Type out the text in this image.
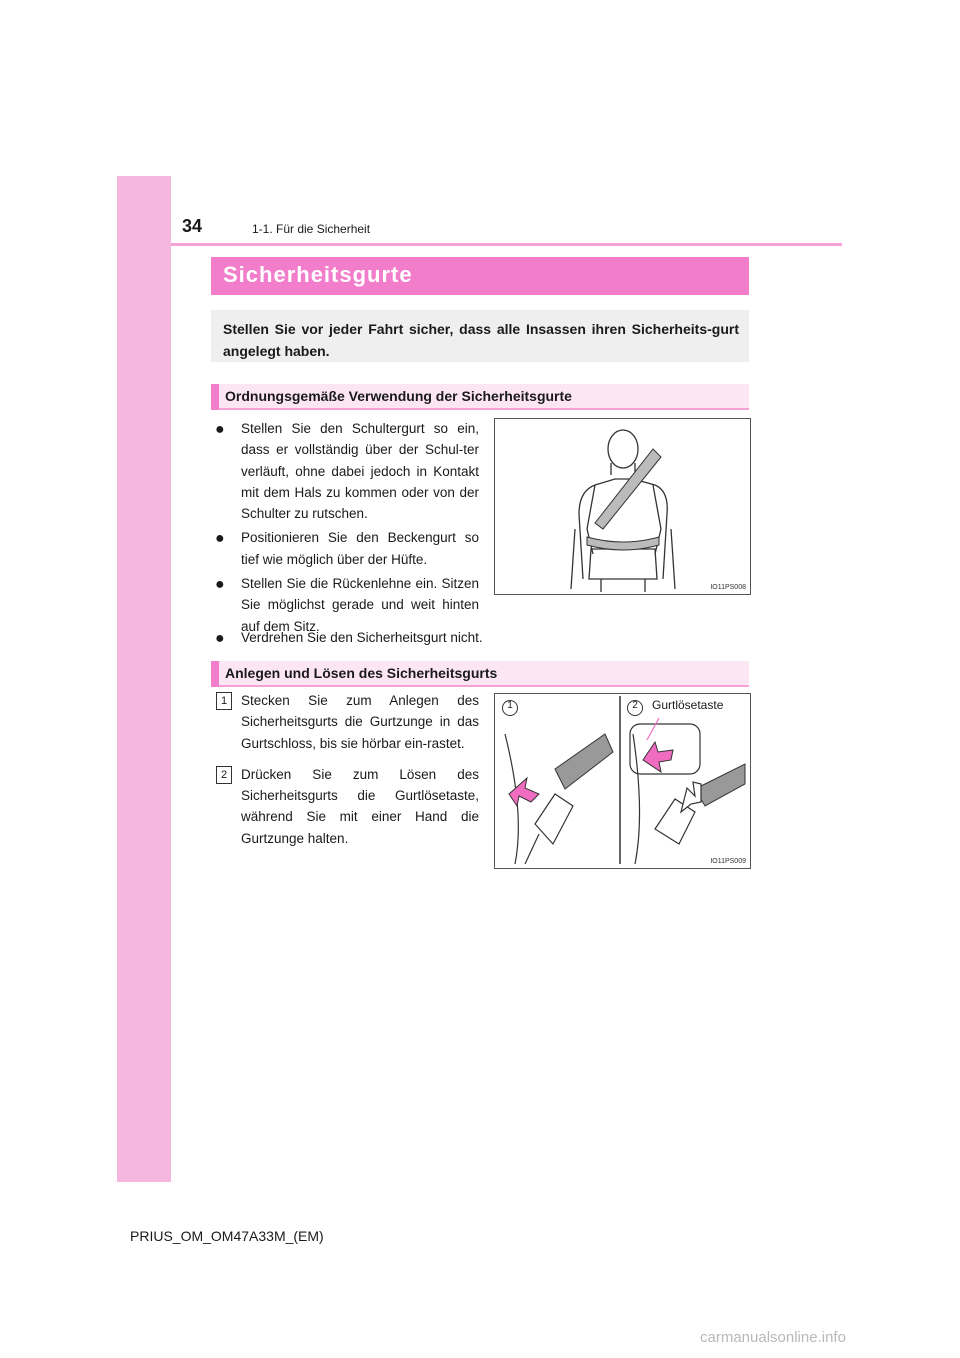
34	1-1. Für die Sicherheit
Sicherheitsgurte

Stellen Sie vor jeder Fahrt sicher, dass alle Insassen ihren Sicherheits-gurt angelegt haben.

Ordnungsgemäße Verwendung der Sicherheitsgurte
● Stellen Sie den Schultergurt so ein, dass er vollständig über der Schul-ter verläuft, ohne dabei jedoch in Kontakt mit dem Hals zu kommen oder von der Schulter zu rutschen.
● Positionieren Sie den Beckengurt so tief wie möglich über der Hüfte.
● Stellen Sie die Rückenlehne ein. Sitzen Sie möglichst gerade und weit hinten auf dem Sitz.
● Verdrehen Sie den Sicherheitsgurt nicht.
IO11PS008
Anlegen und Lösen des Sicherheitsgurts
1	Stecken Sie zum Anlegen des Sicherheitsgurts die Gurtzunge in das Gurtschloss, bis sie hörbar ein-rastet.
2	Drücken Sie zum Lösen des Sicherheitsgurts die Gurtlösetaste, während Sie mit einer Hand die Gurtzunge halten.
1	2 Gurtlösetaste
IO11PS009
PRIUS_OM_OM47A33M_(EM)
carmanualsonline.info
